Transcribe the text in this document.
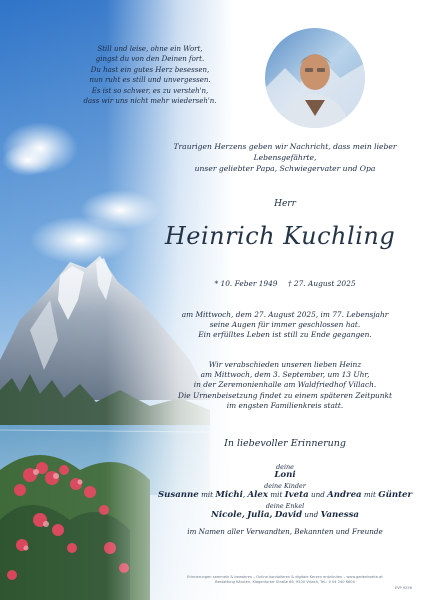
Still und leise, ohne ein Wort,
gingst du von den Deinen fort.
Du hast ein gutes Herz besessen,
nun ruht es still und unvergessen.
Es ist so schwer, es zu versteh'n,
dass wir uns nicht mehr wiederseh'n.
Traurigen Herzens geben wir Nachricht, dass mein lieber Lebensgefährte,
unser geliebter Papa, Schwiegervater und Opa
Herr
Heinrich Kuchling
* 10. Feber 1949 † 27. August 2025
am Mittwoch, dem 27. August 2025, im 77. Lebensjahr
seine Augen für immer geschlossen hat.
Ein erfülltes Leben ist still zu Ende gegangen.
Wir verabschieden unseren lieben Heinz
am Mittwoch, dem 3. September, um 13 Uhr,
in der Zeremonienhalle am Waldfriedhof Villach.
Die Urnenbeisetzung findet zu einem späteren Zeitpunkt
im engsten Familienkreis statt.
In liebevoller Erinnerung
deine
Loni
deine Kinder
Susanne mit Michi, Alex mit Iveta und Andrea mit Günter
deine Enkel
Nicole, Julia, David und Vanessa
im Namen aller Verwandten, Bekannten und Freunde
Erinnerungen sammeln & bewahren – Online-kondolieren & digitale Kerzen entzünden – www.gedenkseite.at
Bestattung Kärnten, Klagenfurter Straße 68, 9500 Villach, Tel.: 0 04 240 6600
EVP 9256
